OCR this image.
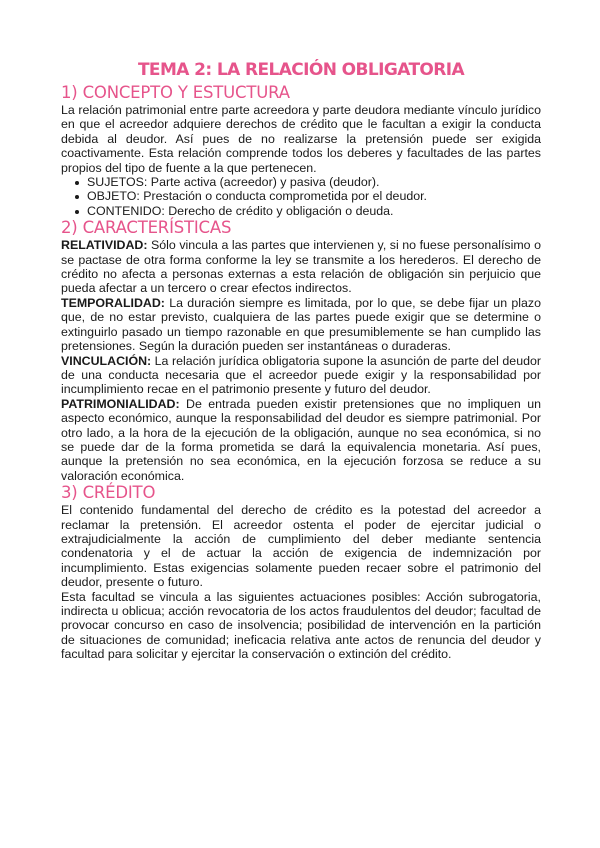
TEMA 2: LA RELACIÓN OBLIGATORIA
1) CONCEPTO Y ESTUCTURA
La relación patrimonial entre parte acreedora y parte deudora mediante vínculo jurídico en que el acreedor adquiere derechos de crédito que le facultan a exigir la conducta debida al deudor. Así pues de no realizarse la pretensión puede ser exigida coactivamente. Esta relación comprende todos los deberes y facultades de las partes propios del tipo de fuente a la que pertenecen.
SUJETOS: Parte activa (acreedor) y pasiva (deudor).
OBJETO: Prestación o conducta comprometida por el deudor.
CONTENIDO: Derecho de crédito y obligación o deuda.
2) CARACTERÍSTICAS
RELATIVIDAD: Sólo vincula a las partes que intervienen y, si no fuese personalísimo o se pactase de otra forma conforme la ley se transmite a los herederos. El derecho de crédito no afecta a personas externas a esta relación de obligación sin perjuicio que pueda afectar a un tercero o crear efectos indirectos.
TEMPORALIDAD: La duración siempre es limitada, por lo que, se debe fijar un plazo que, de no estar previsto, cualquiera de las partes puede exigir que se determine o extinguirlo pasado un tiempo razonable en que presumiblemente se han cumplido las pretensiones. Según la duración pueden ser instantáneas o duraderas.
VINCULACIÓN: La relación jurídica obligatoria supone la asunción de parte del deudor de una conducta necesaria que el acreedor puede exigir y la responsabilidad por incumplimiento recae en el patrimonio presente y futuro del deudor.
PATRIMONIALIDAD: De entrada pueden existir pretensiones que no impliquen un aspecto económico, aunque la responsabilidad del deudor es siempre patrimonial. Por otro lado, a la hora de la ejecución de la obligación, aunque no sea económica, si no se puede dar de la forma prometida se dará la equivalencia monetaria. Así pues, aunque la pretensión no sea económica, en la ejecución forzosa se reduce a su valoración económica.
3) CRÉDITO
El contenido fundamental del derecho de crédito es la potestad del acreedor a reclamar la pretensión. El acreedor ostenta el poder de ejercitar judicial o extrajudicialmente la acción de cumplimiento del deber mediante sentencia condenatoria y el de actuar la acción de exigencia de indemnización por incumplimiento. Estas exigencias solamente pueden recaer sobre el patrimonio del deudor, presente o futuro.
Esta facultad se vincula a las siguientes actuaciones posibles: Acción subrogatoria, indirecta u oblicua; acción revocatoria de los actos fraudulentos del deudor; facultad de provocar concurso en caso de insolvencia; posibilidad de intervención en la partición de situaciones de comunidad; ineficacia relativa ante actos de renuncia del deudor y facultad para solicitar y ejercitar la conservación o extinción del crédito.
